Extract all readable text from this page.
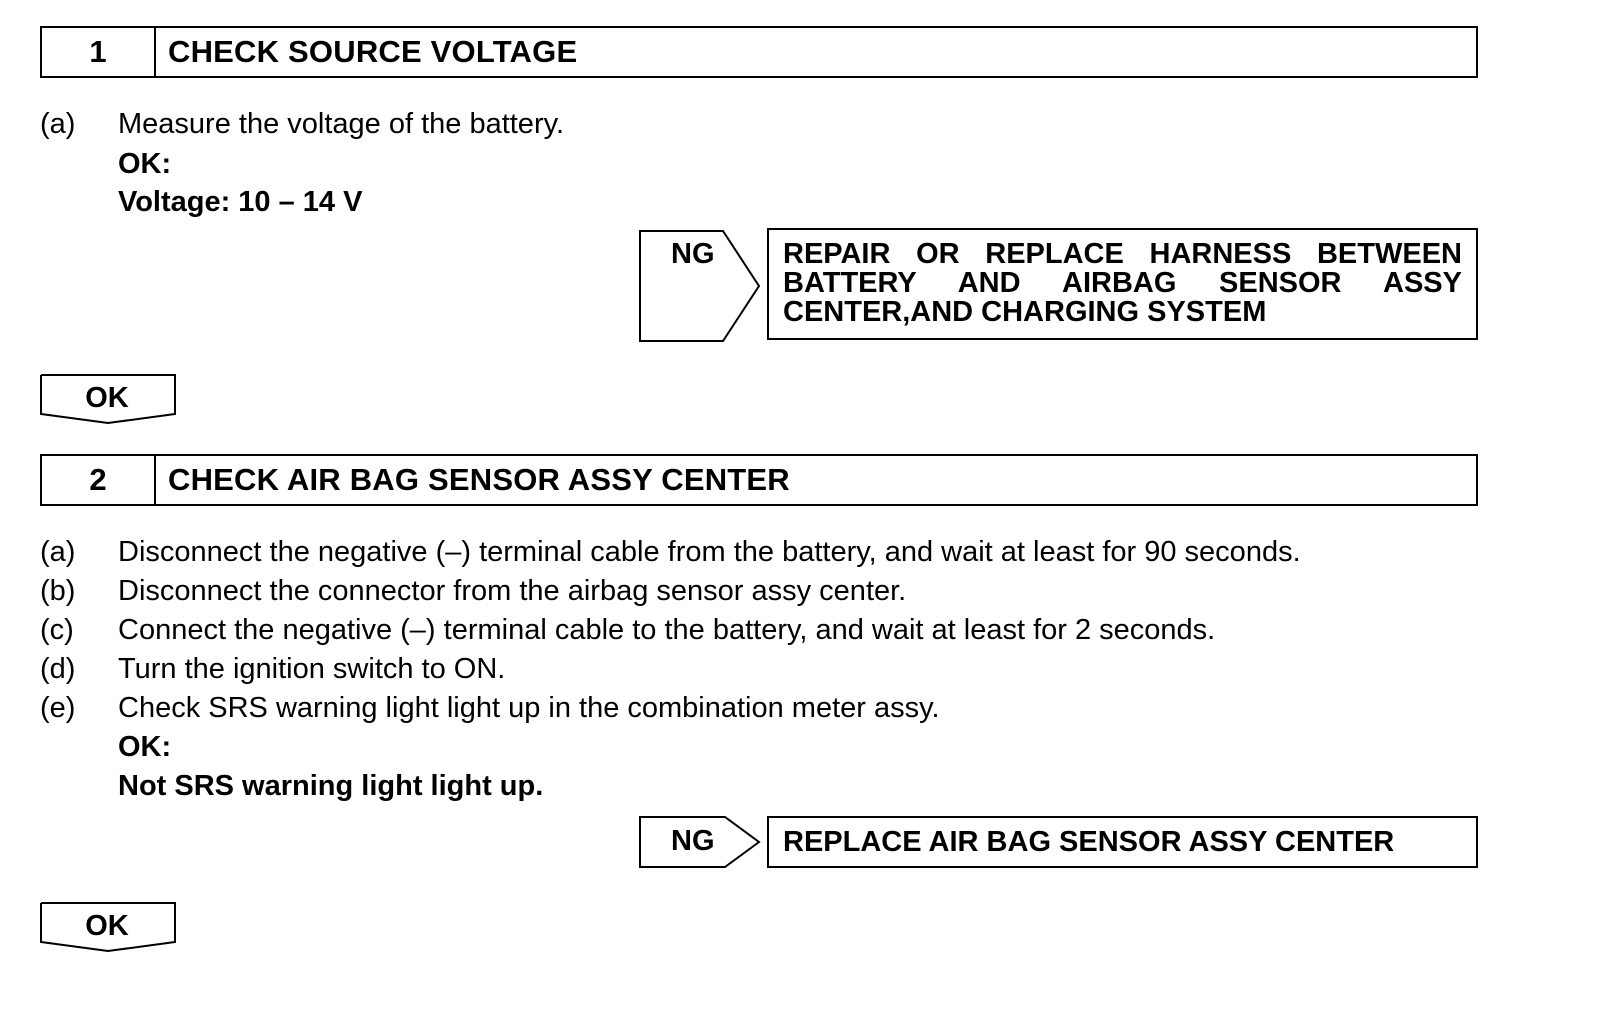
1	CHECK SOURCE VOLTAGE
(a) Measure the voltage of the battery.
OK:
Voltage: 10 – 14 V
NG REPAIR OR REPLACE HARNESS BETWEEN
BATTERY AND AIRBAG SENSOR ASSY
CENTER,AND CHARGING SYSTEM
OK
2	CHECK AIR BAG SENSOR ASSY CENTER
(a) Disconnect the negative (–) terminal cable from the battery, and wait at least for 90 seconds.
(b) Disconnect the connector from the airbag sensor assy center.
(c) Connect the negative (–) terminal cable to the battery, and wait at least for 2 seconds.
(d) Turn the ignition switch to ON.
(e) Check SRS warning light light up in the combination meter assy.
OK:
Not SRS warning light light up.
NG REPLACE AIR BAG SENSOR ASSY CENTER
OK
